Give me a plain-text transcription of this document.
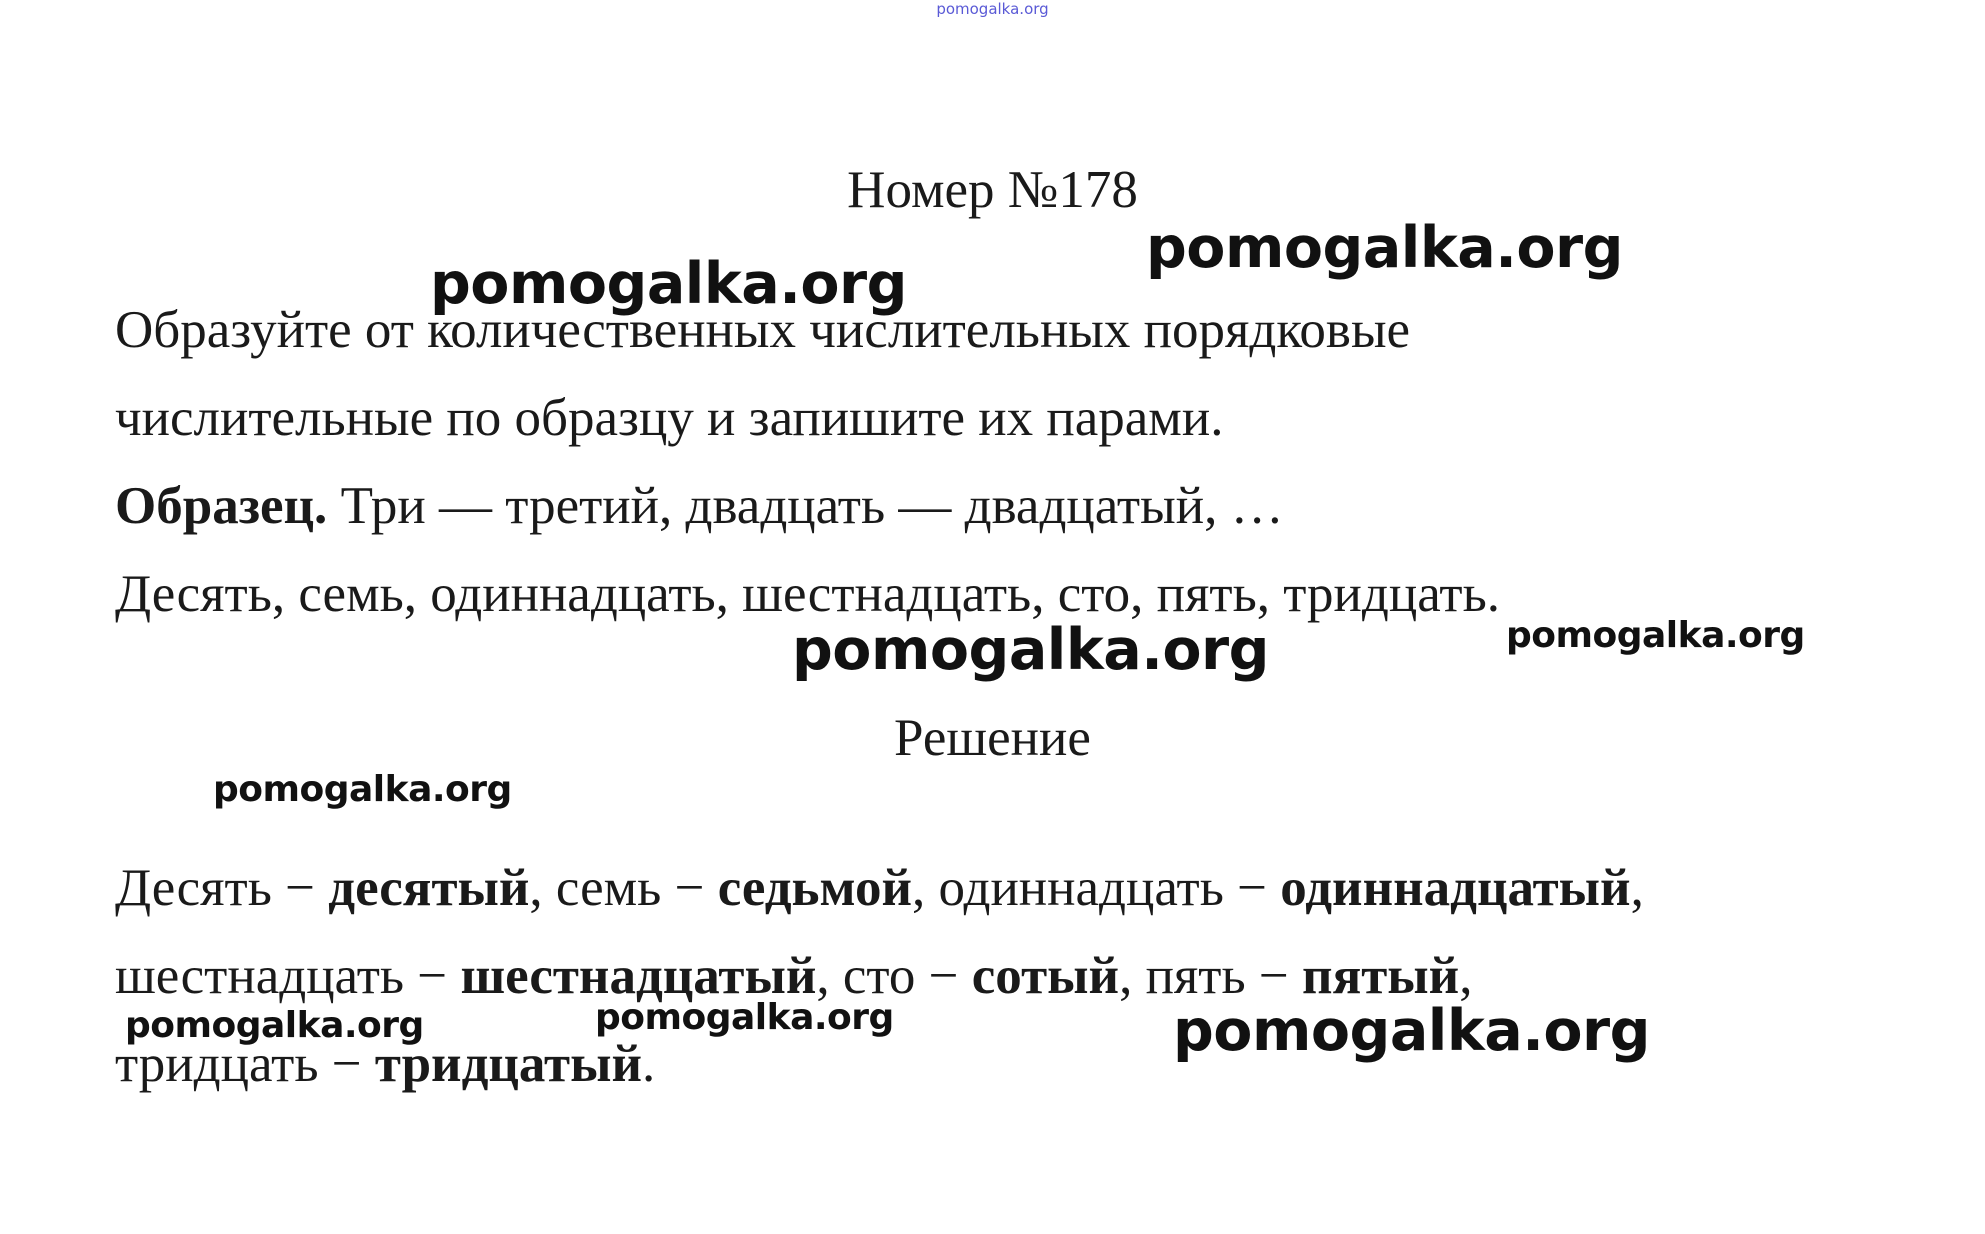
pomogalka.org
Номер №178

Образуйте от количественных числительных порядковые

числительные по образцу и запишите их парами.

Образец. Три — третий, двадцать — двадцатый, …

Десять, семь, одиннадцать, шестнадцать, сто, пять, тридцать.

Решение

Десять − десятый, семь − седьмой, одиннадцать − одиннадцатый,

шестнадцать − шестнадцатый, сто − сотый, пять − пятый,

тридцать − тридцатый.

pomogalka.org
pomogalka.org
pomogalka.org	pomogalka.org
pomogalka.org
pomogalka.org	pomogalka.org	pomogalka.org
